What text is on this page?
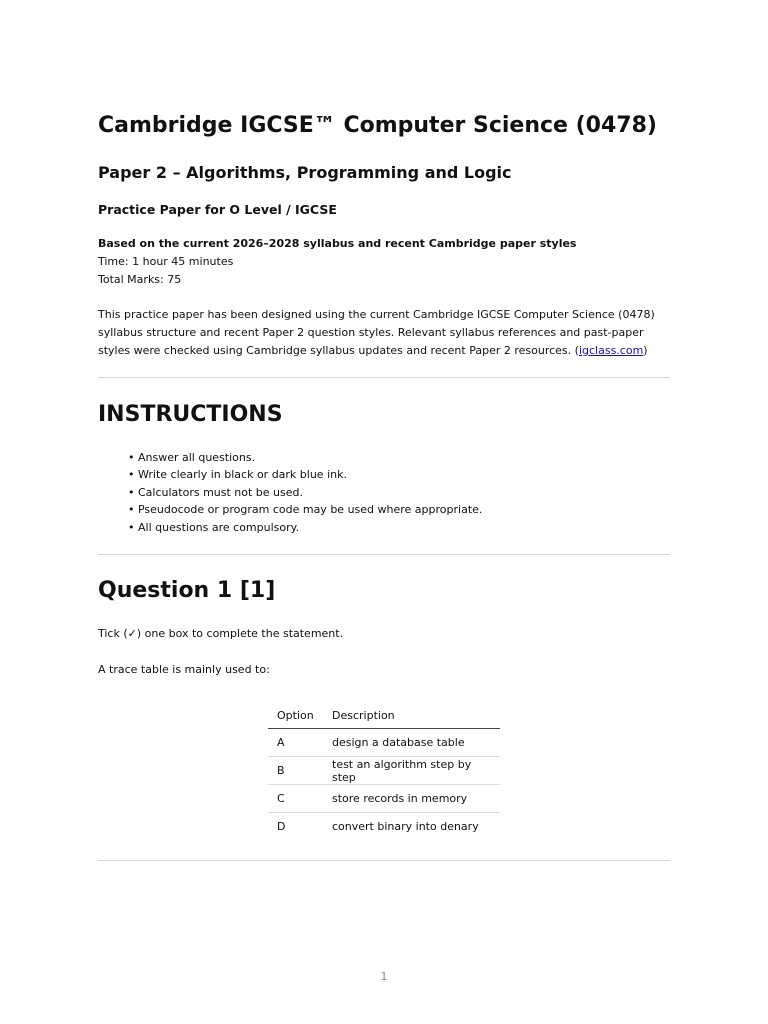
Cambridge IGCSE™ Computer Science (0478)
Paper 2 – Algorithms, Programming and Logic
Practice Paper for O Level / IGCSE
Based on the current 2026–2028 syllabus and recent Cambridge paper styles
Time: 1 hour 45 minutes
Total Marks: 75

This practice paper has been designed using the current Cambridge IGCSE Computer Science (0478) syllabus structure and recent Paper 2 question styles. Relevant syllabus references and past-paper styles were checked using Cambridge syllabus updates and recent Paper 2 resources. (igclass.com)

INSTRUCTIONS
• Answer all questions.
• Write clearly in black or dark blue ink.
• Calculators must not be used.
• Pseudocode or program code may be used where appropriate.
• All questions are compulsory.
Question 1 [1]
Tick (✓) one box to complete the statement.
A trace table is mainly used to:
Option	Description
A	design a database table
B	test an algorithm step by step
C	store records in memory
D	convert binary into denary
1
